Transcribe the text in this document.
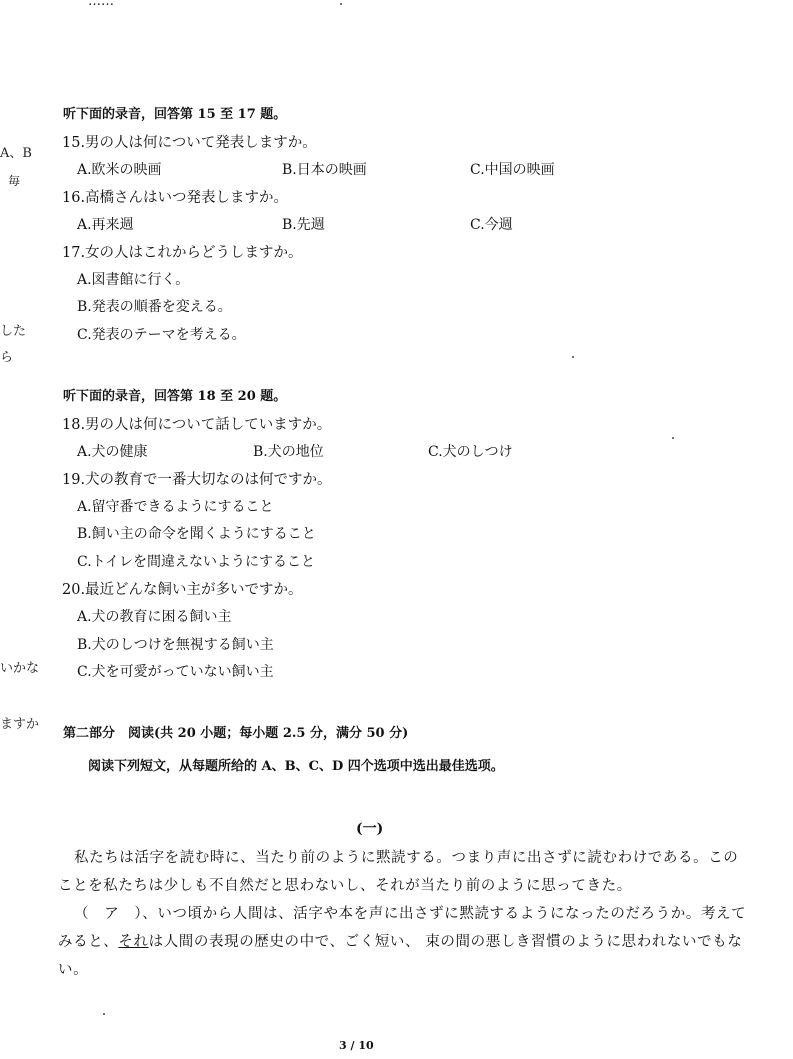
……
A、B
毎
した
ら
いかな
ますか
听下面的录音，回答第 15 至 17 题。
15.男の人は何について発表しますか。
A.欧米の映画	B.日本の映画	C.中国の映画
16.高橋さんはいつ発表しますか。
A.再来週	B.先週	C.今週
17.女の人はこれからどうしますか。
A.図書館に行く。
B.発表の順番を変える。
C.発表のテーマを考える。
听下面的录音，回答第 18 至 20 题。
18.男の人は何について話していますか。
A.犬の健康	B.犬の地位	C.犬のしつけ
19.犬の教育で一番大切なのは何ですか。
A.留守番できるようにすること
B.飼い主の命令を聞くようにすること
C.トイレを間違えないようにすること
20.最近どんな飼い主が多いですか。
A.犬の教育に困る飼い主
B.犬のしつけを無視する飼い主
C.犬を可愛がっていない飼い主
第二部分　阅读(共 20 小题；每小题 2.5 分，满分 50 分)
阅读下列短文，从每题所给的 A、B、C、D 四个选项中选出最佳选项。
(一)
私たちは活字を読む時に、当たり前のように黙読する。つまり声に出さずに読むわけである。この
ことを私たちは少しも不自然だと思わないし、それが当たり前のように思ってきた。
（　ア　）、いつ頃から人間は、活字や本を声に出さずに黙読するようになったのだろうか。考えて
みると、それは人間の表現の歴史の中で、ごく短い、 束の間の悪しき習慣のように思われないでもな
い。
3 / 10
